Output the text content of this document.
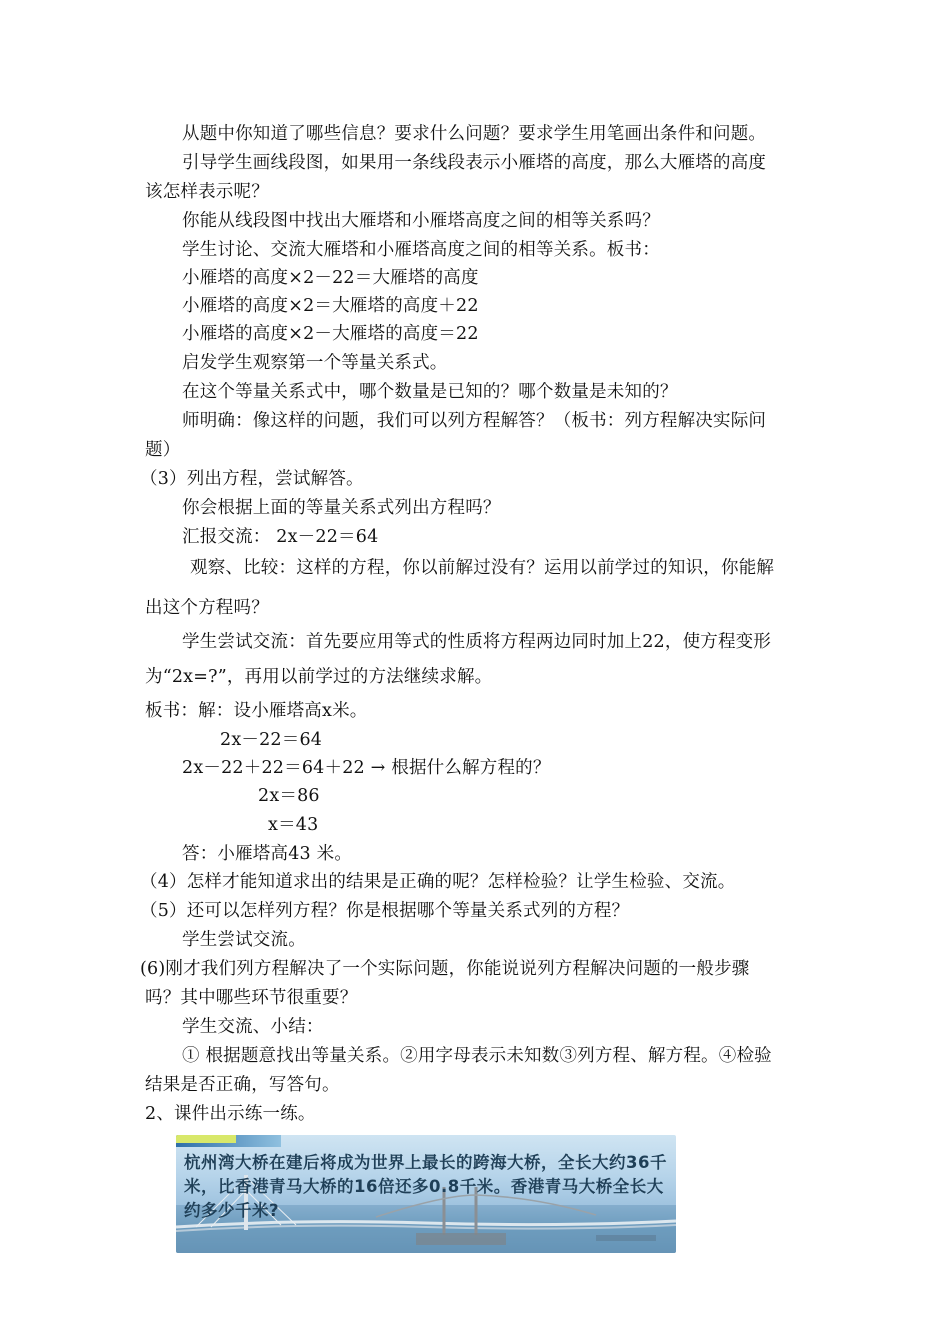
从题中你知道了哪些信息？要求什么问题？要求学生用笔画出条件和问题。
引导学生画线段图，如果用一条线段表示小雁塔的高度，那么大雁塔的高度
该怎样表示呢？
你能从线段图中找出大雁塔和小雁塔高度之间的相等关系吗？
学生讨论、交流大雁塔和小雁塔高度之间的相等关系。板书：
小雁塔的高度×2－22＝大雁塔的高度
小雁塔的高度×2＝大雁塔的高度＋22
小雁塔的高度×2－大雁塔的高度＝22
启发学生观察第一个等量关系式。
在这个等量关系式中，哪个数量是已知的？哪个数量是未知的？
师明确：像这样的问题，我们可以列方程解答？（板书：列方程解决实际问
题）
（3）列出方程，尝试解答。
你会根据上面的等量关系式列出方程吗？
汇报交流： 2x－22＝64
观察、比较：这样的方程，你以前解过没有？运用以前学过的知识，你能解
出这个方程吗？
学生尝试交流：首先要应用等式的性质将方程两边同时加上22，使方程变形
为“2x=?”，再用以前学过的方法继续求解。
板书：解：设小雁塔高x米。
2x－22＝64
2x－22＋22＝64＋22 → 根据什么解方程的？
2x＝86
x＝43
答：小雁塔高43 米。
（4）怎样才能知道求出的结果是正确的呢？怎样检验？让学生检验、交流。
（5）还可以怎样列方程？你是根据哪个等量关系式列的方程？
学生尝试交流。
(6)刚才我们列方程解决了一个实际问题，你能说说列方程解决问题的一般步骤
吗？其中哪些环节很重要？
学生交流、小结：
① 根据题意找出等量关系。②用字母表示未知数③列方程、解方程。④检验
结果是否正确，写答句。
2、课件出示练一练。
杭州湾大桥在建后将成为世界上最长的跨海大桥，全长大约36千米，比香港青马大桥的16倍还多0.8千米。香港青马大桥全长大约多少千米?
